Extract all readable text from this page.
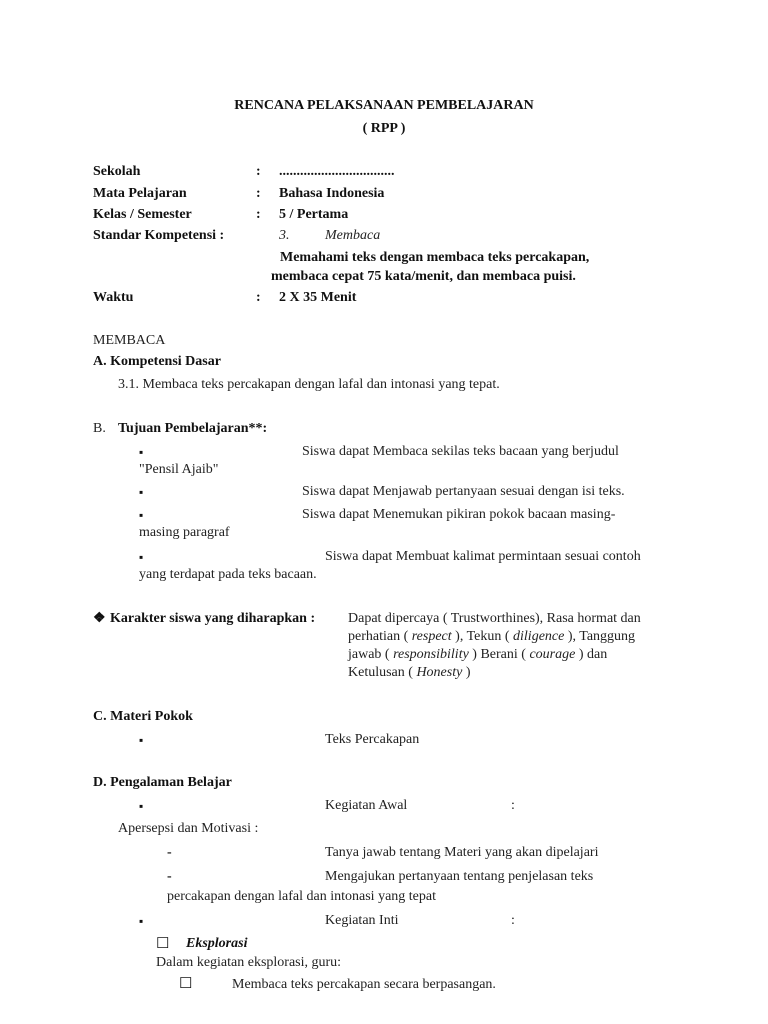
RENCANA PELAKSANAAN PEMBELAJARAN
( RPP )
Sekolah	: .................................
Mata Pelajaran	: Bahasa Indonesia
Kelas / Semester	: 5 / Pertama
Standar Kompetensi :	3.	Membaca
Memahami teks dengan membaca teks percakapan,
membaca cepat 75 kata/menit, dan membaca puisi.
Waktu	: 2 X 35 Menit
MEMBACA
A. Kompetensi Dasar
3.1. Membaca teks percakapan dengan lafal dan intonasi yang tepat.
B. Tujuan Pembelajaran**:
▪	Siswa dapat Membaca sekilas teks bacaan yang berjudul
"Pensil Ajaib"
▪	Siswa dapat Menjawab pertanyaan sesuai dengan isi teks.
▪	Siswa dapat Menemukan pikiran pokok bacaan masing-
masing paragraf
▪	Siswa dapat Membuat kalimat permintaan sesuai contoh
yang terdapat pada teks bacaan.
❖ Karakter siswa yang diharapkan : Dapat dipercaya ( Trustworthines), Rasa hormat dan
perhatian ( respect ), Tekun ( diligence ), Tanggung
jawab ( responsibility ) Berani ( courage ) dan
Ketulusan ( Honesty )
C. Materi Pokok
▪	Teks Percakapan
D. Pengalaman Belajar
▪	Kegiatan Awal	:
Apersepsi dan Motivasi :
-	Tanya jawab tentang Materi yang akan dipelajari
-	Mengajukan pertanyaan tentang penjelasan teks
percakapan dengan lafal dan intonasi yang tepat
▪	Kegiatan Inti	:
☐ Eksplorasi
Dalam kegiatan eksplorasi, guru:
☐	Membaca teks percakapan secara berpasangan.
